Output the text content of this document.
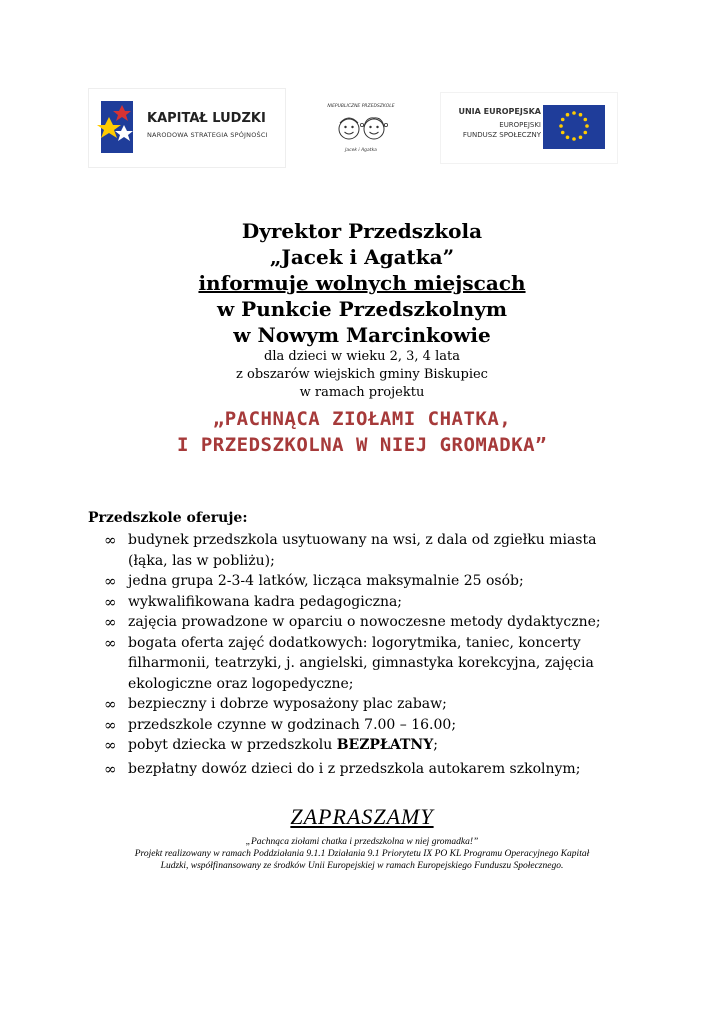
KAPITAŁ LUDZKI
NARODOWA STRATEGIA SPÓJNOŚCI
NIEPUBLICZNE PRZEDSZKOLE
Jacek i Agatka
UNIA EUROPEJSKA
EUROPEJSKI
FUNDUSZ SPOŁECZNY
Dyrektor Przedszkola
„Jacek i Agatka”
informuje wolnych miejscach
w Punkcie Przedszkolnym
w Nowym Marcinkowie
dla dzieci w wieku 2, 3, 4 lata
z obszarów wiejskich gminy Biskupiec
w ramach projektu
„PACHNĄCA ZIOŁAMI CHATKA,
I PRZEDSZKOLNA W NIEJ GROMADKA”
Przedszkole oferuje:
∞ budynek przedszkola usytuowany na wsi, z dala od zgiełku miasta
(łąka, las w pobliżu);
∞ jedna grupa 2-3-4 latków, licząca maksymalnie 25 osób;
∞ wykwalifikowana kadra pedagogiczna;
∞ zajęcia prowadzone w oparciu o nowoczesne metody dydaktyczne;
∞ bogata oferta zajęć dodatkowych: logorytmika, taniec, koncerty
filharmonii, teatrzyki, j. angielski, gimnastyka korekcyjna, zajęcia
ekologiczne oraz logopedyczne;
∞ bezpieczny i dobrze wyposażony plac zabaw;
∞ przedszkole czynne w godzinach 7.00 – 16.00;
∞ pobyt dziecka w przedszkolu BEZPŁATNY;
∞ bezpłatny dowóz dzieci do i z przedszkola autokarem szkolnym;
ZAPRASZAMY
„Pachnąca ziołami chatka i przedszkolna w niej gromadka!”
Projekt realizowany w ramach Poddziałania 9.1.1 Działania 9.1 Priorytetu IX PO KL Programu Operacyjnego Kapitał
Ludzki, współfinansowany ze środków Unii Europejskiej w ramach Europejskiego Funduszu Społecznego.
